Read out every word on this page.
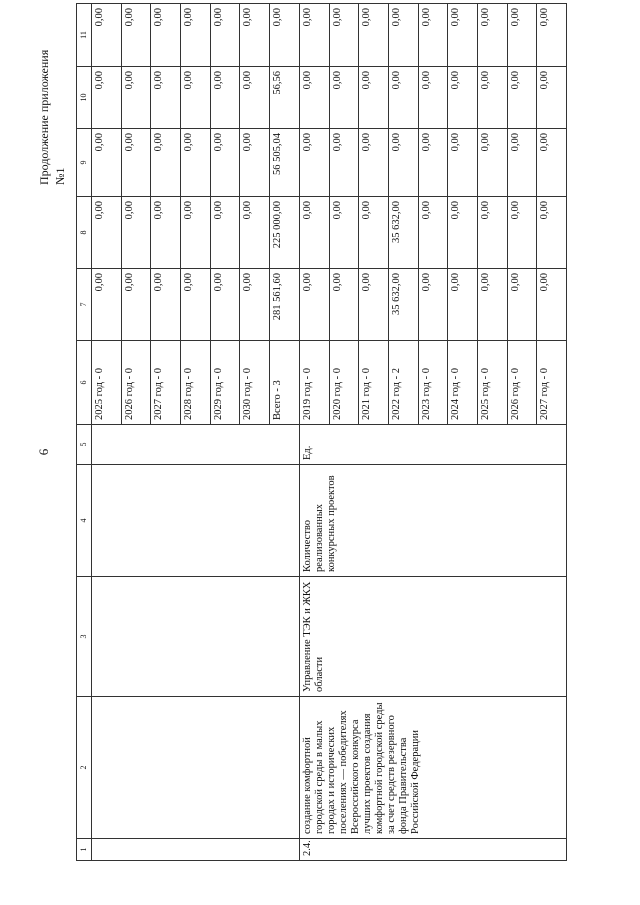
6
Продолжение приложения №1
1	2	3	4	5	6	7	8	9	10	11
					2025 год - 0	0,00	0,00	0,00	0,00	0,00
					2026 год - 0	0,00	0,00	0,00	0,00	0,00
					2027 год - 0	0,00	0,00	0,00	0,00	0,00
					2028 год - 0	0,00	0,00	0,00	0,00	0,00
					2029 год - 0	0,00	0,00	0,00	0,00	0,00
					2030 год - 0	0,00	0,00	0,00	0,00	0,00
					Всего - 3	281 561,60	225 000,00	56 505,04	56,56	0,00
2.4.	создание комфортной городской среды в малых городах и исторических поселениях — победителях Всероссийского конкурса лучших проектов создания комфортной городской среды за счет средств резервного фонда Правительства Российской Федерации	Управление ТЭК и ЖКХ области	Количество реализованных конкурсных проектов	Ед.	2019 год - 0	0,00	0,00	0,00	0,00	0,00
					2020 год - 0	0,00	0,00	0,00	0,00	0,00
					2021 год - 0	0,00	0,00	0,00	0,00	0,00
					2022 год - 2	35 632,00	35 632,00	0,00	0,00	0,00
					2023 год - 0	0,00	0,00	0,00	0,00	0,00
					2024 год - 0	0,00	0,00	0,00	0,00	0,00
					2025 год - 0	0,00	0,00	0,00	0,00	0,00
					2026 год - 0	0,00	0,00	0,00	0,00	0,00
					2027 год - 0	0,00	0,00	0,00	0,00	0,00
